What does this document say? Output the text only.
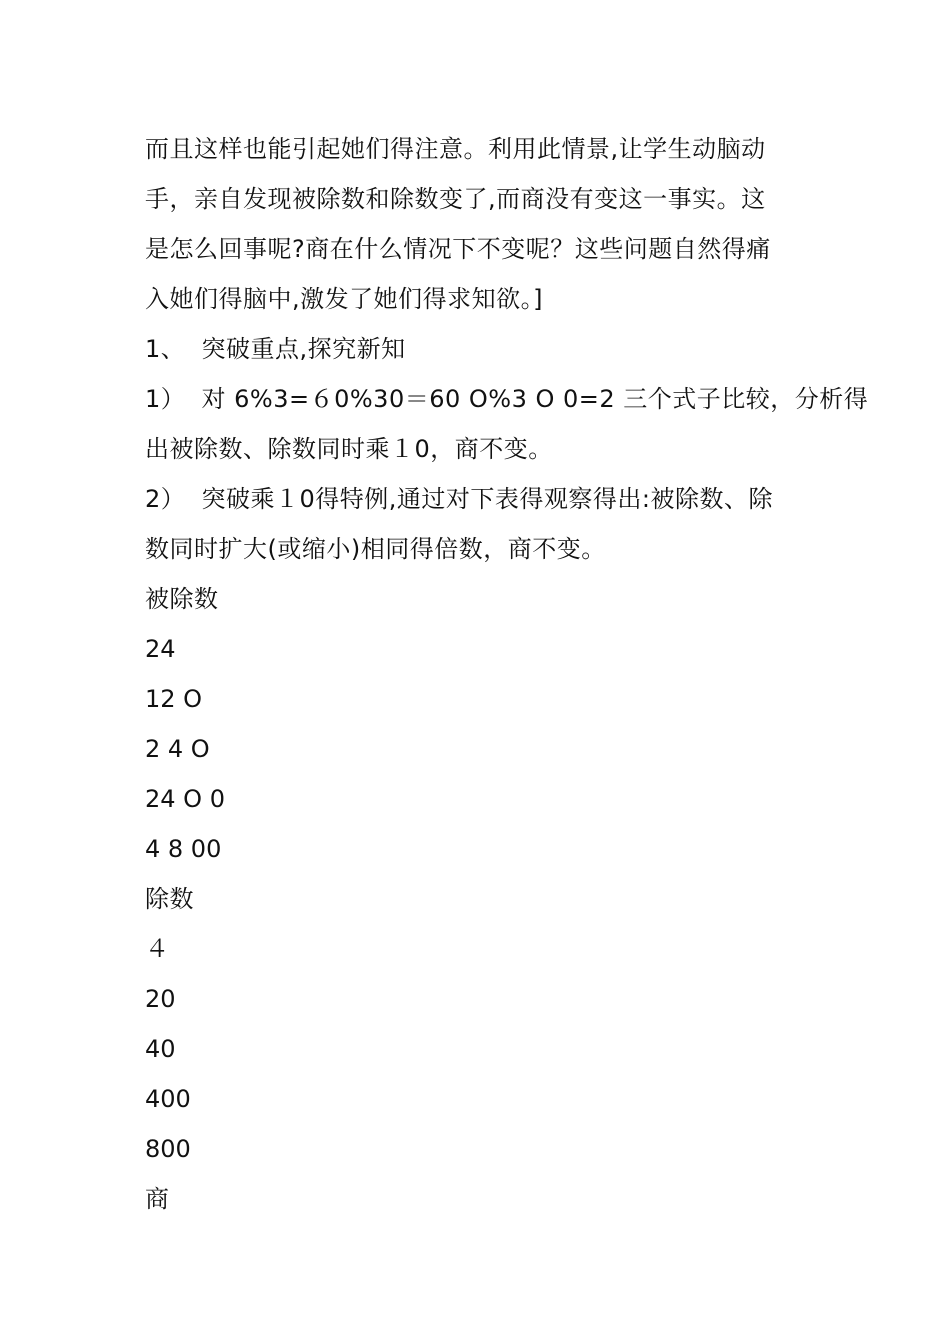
而且这样也能引起她们得注意。利用此情景,让学生动脑动
手，亲自发现被除数和除数变了,而商没有变这一事实。这
是怎么回事呢?商在什么情况下不变呢？这些问题自然得痛
入她们得脑中,激发了她们得求知欲。]
1、  突破重点,探究新知
1）  对 6%3=６0%30＝60 O%3 O 0=2 三个式子比较，分析得
出被除数、除数同时乘１0，商不变。
2）  突破乘１0得特例,通过对下表得观察得出:被除数、除
数同时扩大(或缩小)相同得倍数，商不变。
被除数
24
12 O
2 4 O
24 O 0
4 8 00
除数
４
20
40
400
800
商
